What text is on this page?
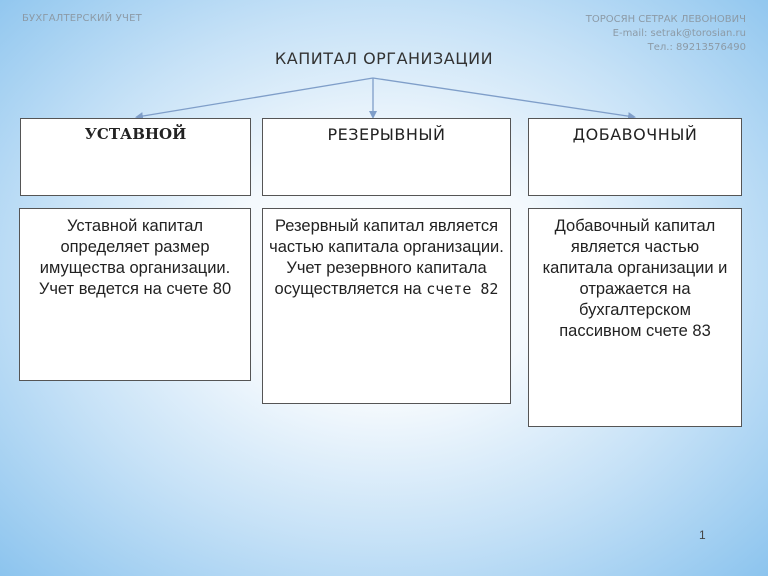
БУХГАЛТЕРСКИЙ УЧЕТ	ТОРОСЯН СЕТРАК ЛЕВОНОВИЧ
E-mail: setrak@torosian.ru
Тел.: 89213576490
КАПИТАЛ ОРГАНИЗАЦИИ
УСТАВНОЙ	РЕЗЕРЫВНЫЙ	ДОБАВОЧНЫЙ
Уставной капитал определяет размер имущества организации. Учет ведется на счете 80
Резервный капитал является частью капитала организации. Учет резервного капитала осуществляется на счете 82
Добавочный капитал является частью капитала организации и отражается на бухгалтерском пассивном счете 83
1
